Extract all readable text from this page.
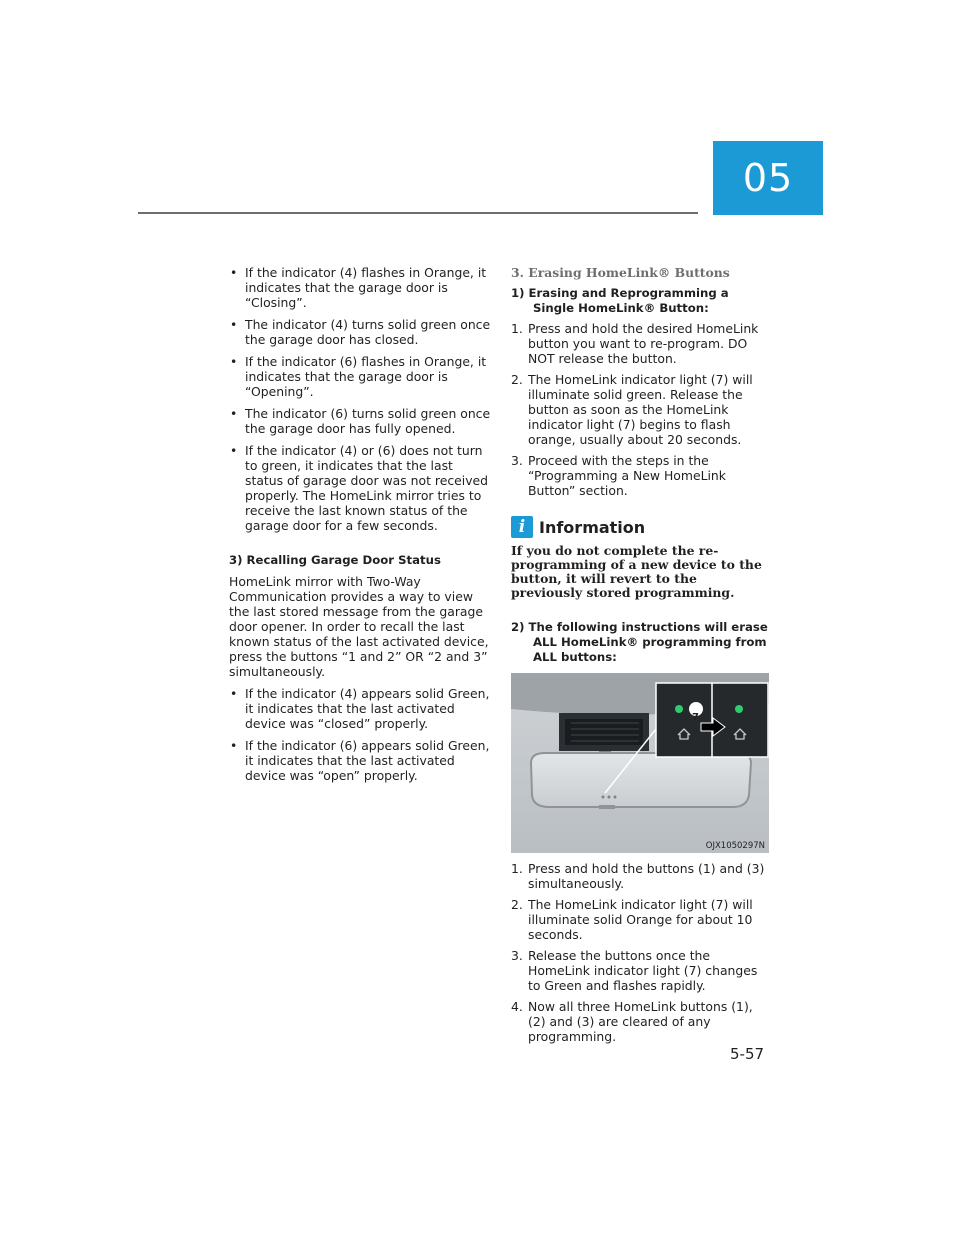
05
• If the indicator (4) flashes in Orange, it indicates that the garage door is “Closing”.
• The indicator (4) turns solid green once the garage door has closed.
• If the indicator (6) flashes in Orange, it indicates that the garage door is “Opening”.
• The indicator (6) turns solid green once the garage door has fully opened.
• If the indicator (4) or (6) does not turn to green, it indicates that the last status of garage door was not received properly. The HomeLink mirror tries to receive the last known status of the garage door for a few seconds.

3) Recalling Garage Door Status

HomeLink mirror with Two-Way Communication provides a way to view the last stored message from the garage door opener. In order to recall the last known status of the last activated device, press the buttons “1 and 2” OR “2 and 3” simultaneously.

• If the indicator (4) appears solid Green, it indicates that the last activated device was “closed” properly.
• If the indicator (6) appears solid Green, it indicates that the last activated device was “open” properly.

3. Erasing HomeLink® Buttons

1) Erasing and Reprogramming a Single HomeLink® Button:

1. Press and hold the desired HomeLink button you want to re-program. DO NOT release the button.
2. The HomeLink indicator light (7) will illuminate solid green. Release the button as soon as the HomeLink indicator light (7) begins to flash orange, usually about 20 seconds.
3. Proceed with the steps in the “Programming a New HomeLink Button” section.
i Information

If you do not complete the re-programming of a new device to the button, it will revert to the previously stored programming.

2) The following instructions will erase ALL HomeLink® programming from ALL buttons:

7
OJX1050297N
1. Press and hold the buttons (1) and (3) simultaneously.
2. The HomeLink indicator light (7) will illuminate solid Orange for about 10 seconds.
3. Release the buttons once the HomeLink indicator light (7) changes to Green and flashes rapidly.
4. Now all three HomeLink buttons (1), (2) and (3) are cleared of any programming.
5-57
